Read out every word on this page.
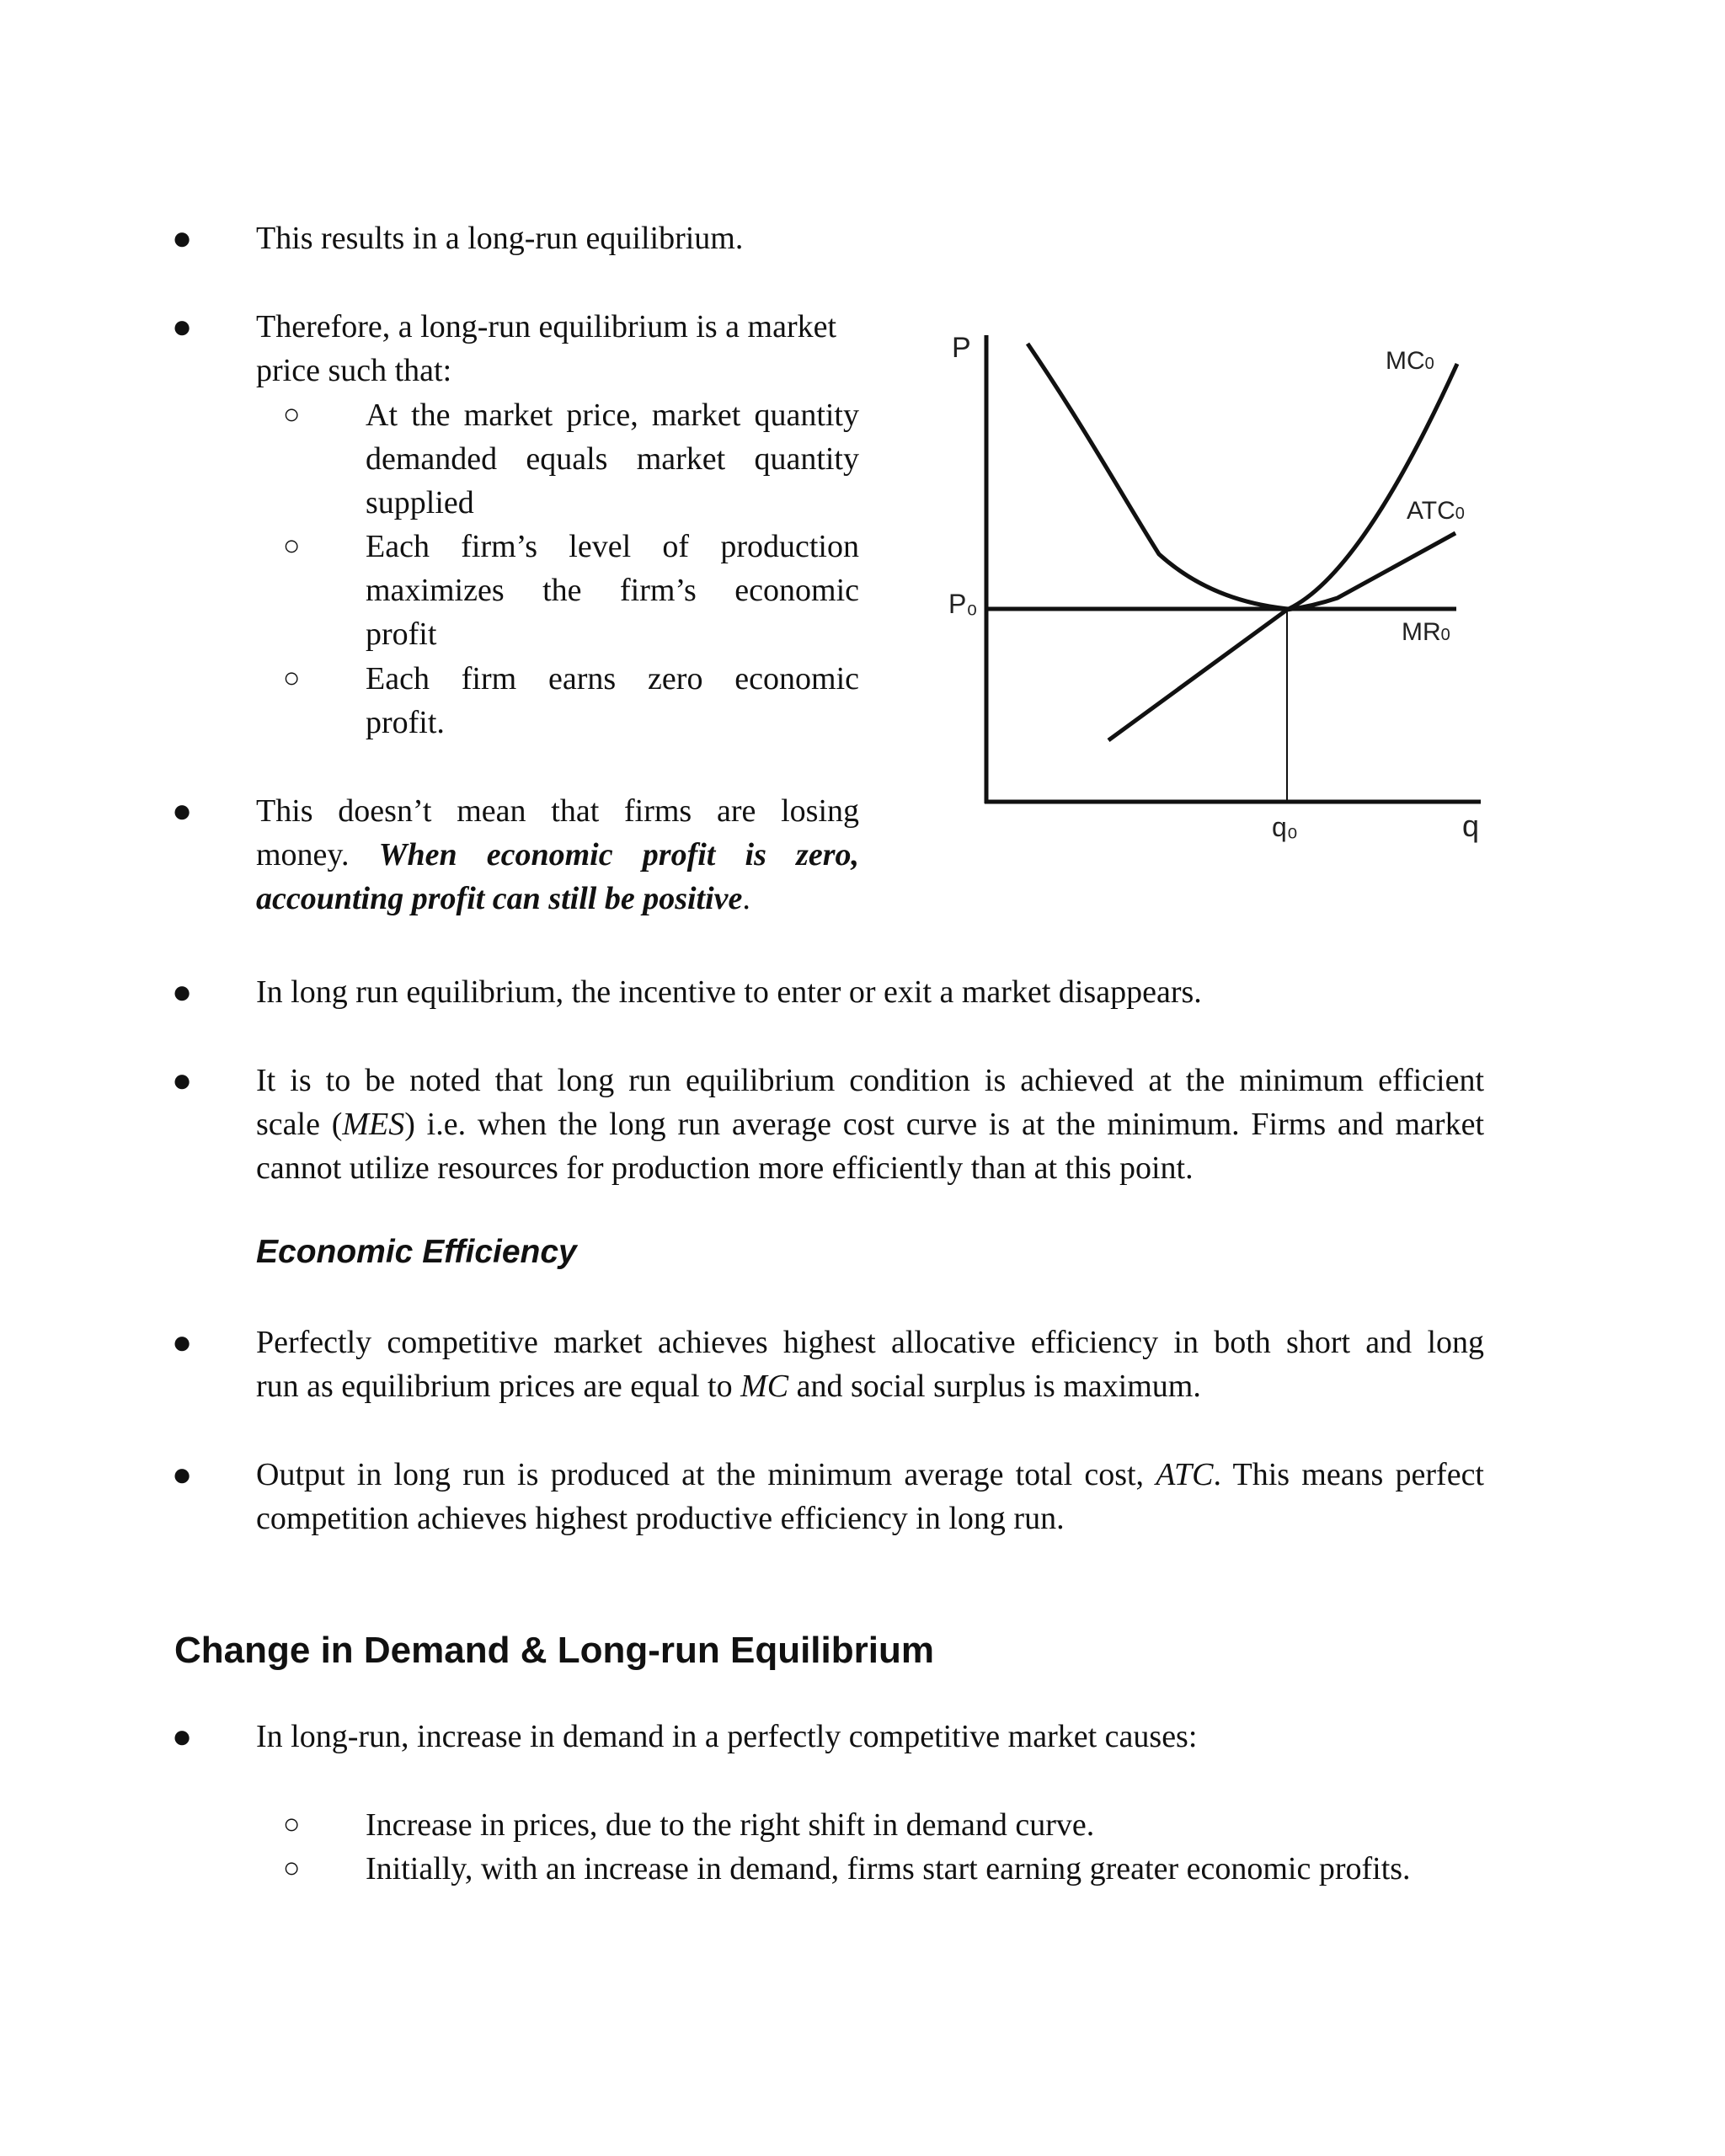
● This results in a long-run equilibrium.
● Therefore, a long-run equilibrium is a market
price such that:
○ At the market price, market quantity
demanded equals market quantity
supplied
○ Each firm’s level of production
maximizes the firm’s economic
profit
○ Each firm earns zero economic
profit.
● This doesn’t mean that firms are losing
money. When economic profit is zero,
accounting profit can still be positive.
P
P₀
MC0
ATC0
MR0
q₀	q
● In long run equilibrium, the incentive to enter or exit a market disappears.
● It is to be noted that long run equilibrium condition is achieved at the minimum efficient
scale (MES) i.e. when the long run average cost curve is at the minimum. Firms and market
cannot utilize resources for production more efficiently than at this point.
Economic Efficiency
● Perfectly competitive market achieves highest allocative efficiency in both short and long
run as equilibrium prices are equal to MC and social surplus is maximum.
● Output in long run is produced at the minimum average total cost, ATC. This means perfect
competition achieves highest productive efficiency in long run.
Change in Demand & Long-run Equilibrium
● In long-run, increase in demand in a perfectly competitive market causes:
○ Increase in prices, due to the right shift in demand curve.
○ Initially, with an increase in demand, firms start earning greater economic profits.
